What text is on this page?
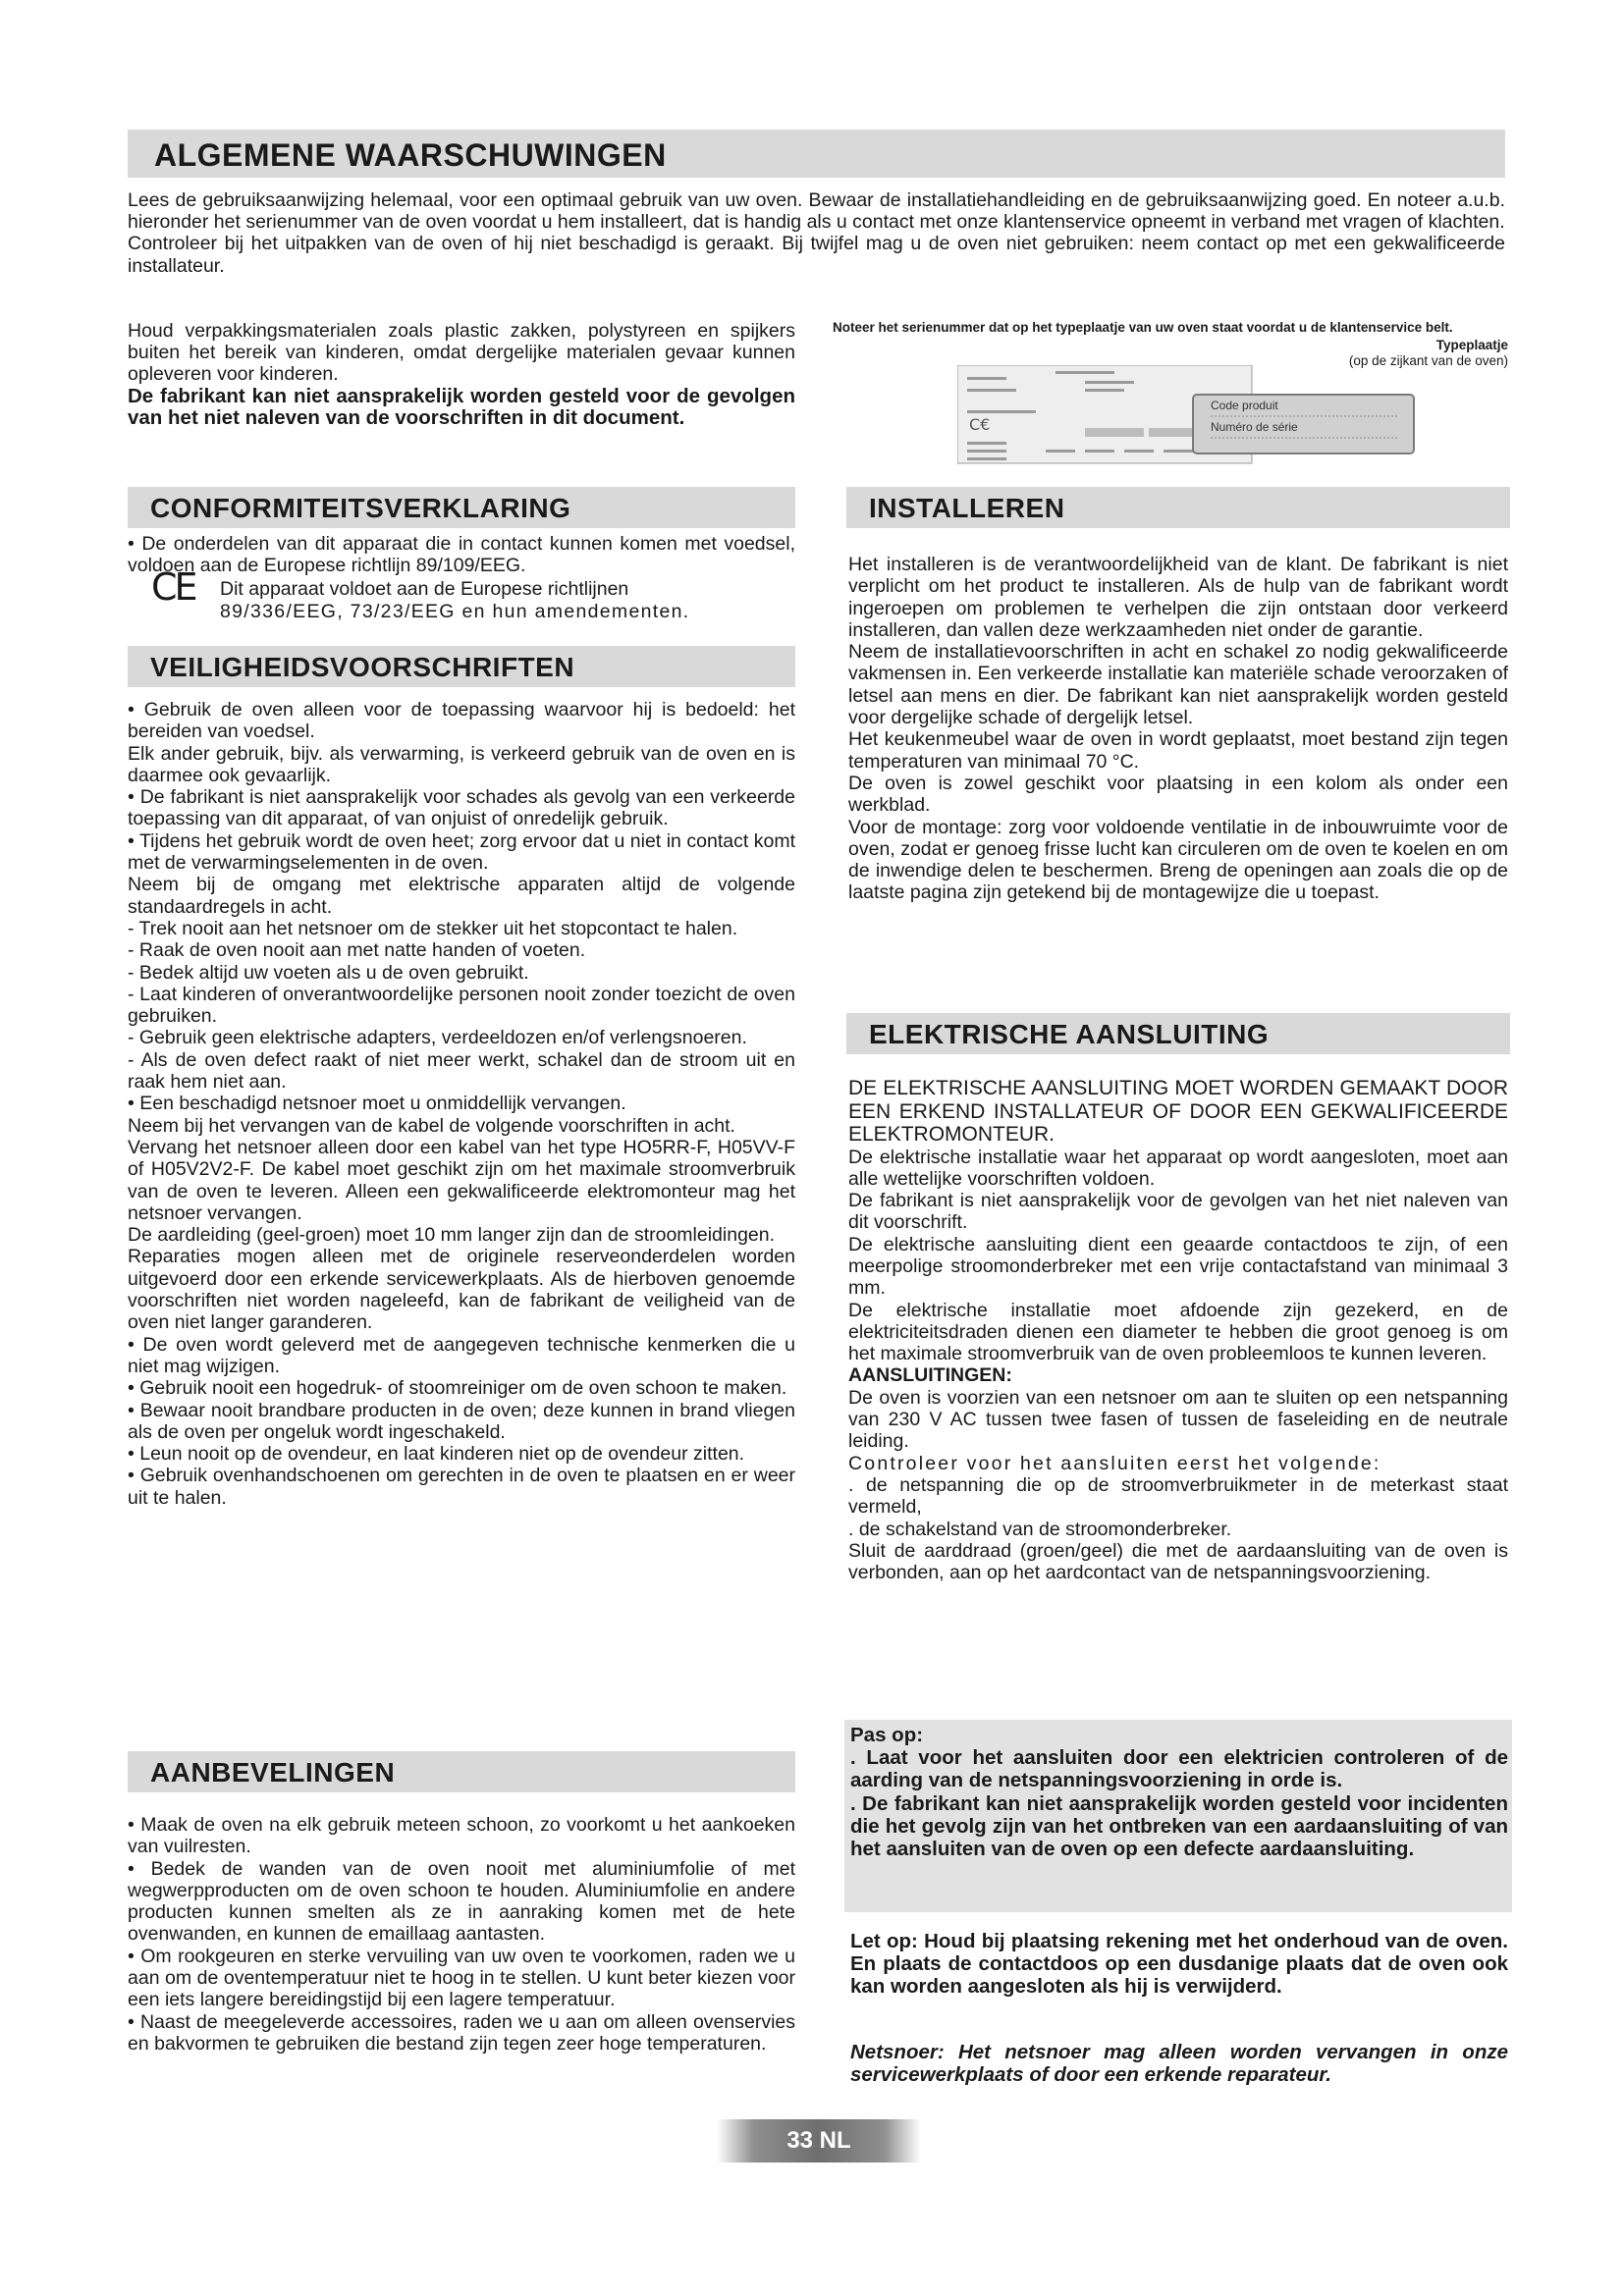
ALGEMENE WAARSCHUWINGEN

Lees de gebruiksaanwijzing helemaal, voor een optimaal gebruik van uw oven. Bewaar de installatiehandleiding en de gebruiksaanwijzing goed. En noteer a.u.b. hieronder het serienummer van de oven voordat u hem installeert, dat is handig als u contact met onze klantenservice opneemt in verband met vragen of klachten.

Controleer bij het uitpakken van de oven of hij niet beschadigd is geraakt. Bij twijfel mag u de oven niet gebruiken: neem contact op met een gekwalificeerde installateur.

Houd verpakkingsmaterialen zoals plastic zakken, polystyreen en spijkers buiten het bereik van kinderen, omdat dergelijke materialen gevaar kunnen opleveren voor kinderen.

De fabrikant kan niet aansprakelijk worden gesteld voor de gevolgen van het niet naleven van de voorschriften in dit document.

Noteer het serienummer dat op het typeplaatje van uw oven staat voordat u de klantenservice belt.
Typeplaatje
(op de zijkant van de oven)
C€
Code produit
Numéro de série
CONFORMITEITSVERKLARING

• De onderdelen van dit apparaat die in contact kunnen komen met voedsel, voldoen aan de Europese richtlijn 89/109/EEG.

CE	Dit apparaat voldoet aan de Europese richtlijnen

89/336/EEG, 73/23/EEG en hun amendementen.

VEILIGHEIDSVOORSCHRIFTEN

• Gebruik de oven alleen voor de toepassing waarvoor hij is bedoeld: het bereiden van voedsel.

Elk ander gebruik, bijv. als verwarming, is verkeerd gebruik van de oven en is daarmee ook gevaarlijk.

• De fabrikant is niet aansprakelijk voor schades als gevolg van een verkeerde toepassing van dit apparaat, of van onjuist of onredelijk gebruik.

• Tijdens het gebruik wordt de oven heet; zorg ervoor dat u niet in contact komt met de verwarmingselementen in de oven.

Neem bij de omgang met elektrische apparaten altijd de volgende standaardregels in acht.

- Trek nooit aan het netsnoer om de stekker uit het stopcontact te halen.

- Raak de oven nooit aan met natte handen of voeten.

- Bedek altijd uw voeten als u de oven gebruikt.

- Laat kinderen of onverantwoordelijke personen nooit zonder toezicht de oven gebruiken.

- Gebruik geen elektrische adapters, verdeeldozen en/of verlengsnoeren.

- Als de oven defect raakt of niet meer werkt, schakel dan de stroom uit en raak hem niet aan.

• Een beschadigd netsnoer moet u onmiddellijk vervangen.

Neem bij het vervangen van de kabel de volgende voorschriften in acht.

Vervang het netsnoer alleen door een kabel van het type HO5RR-F, H05VV-F of H05V2V2-F. De kabel moet geschikt zijn om het maximale stroomverbruik van de oven te leveren. Alleen een gekwalificeerde elektromonteur mag het netsnoer vervangen.

De aardleiding (geel-groen) moet 10 mm langer zijn dan de stroomleidingen.

Reparaties mogen alleen met de originele reserveonderdelen worden uitgevoerd door een erkende servicewerkplaats. Als de hierboven genoemde voorschriften niet worden nageleefd, kan de fabrikant de veiligheid van de oven niet langer garanderen.

• De oven wordt geleverd met de aangegeven technische kenmerken die u niet mag wijzigen.

• Gebruik nooit een hogedruk- of stoomreiniger om de oven schoon te maken.

• Bewaar nooit brandbare producten in de oven; deze kunnen in brand vliegen als de oven per ongeluk wordt ingeschakeld.

• Leun nooit op de ovendeur, en laat kinderen niet op de ovendeur zitten.

• Gebruik ovenhandschoenen om gerechten in de oven te plaatsen en er weer uit te halen.

AANBEVELINGEN

• Maak de oven na elk gebruik meteen schoon, zo voorkomt u het aankoeken van vuilresten.

• Bedek de wanden van de oven nooit met aluminiumfolie of met wegwerpproducten om de oven schoon te houden. Aluminiumfolie en andere producten kunnen smelten als ze in aanraking komen met de hete ovenwanden, en kunnen de emaillaag aantasten.

• Om rookgeuren en sterke vervuiling van uw oven te voorkomen, raden we u aan om de oventemperatuur niet te hoog in te stellen. U kunt beter kiezen voor een iets langere bereidingstijd bij een lagere temperatuur.

• Naast de meegeleverde accessoires, raden we u aan om alleen ovenservies en bakvormen te gebruiken die bestand zijn tegen zeer hoge temperaturen.

INSTALLEREN

Het installeren is de verantwoordelijkheid van de klant. De fabrikant is niet verplicht om het product te installeren. Als de hulp van de fabrikant wordt ingeroepen om problemen te verhelpen die zijn ontstaan door verkeerd installeren, dan vallen deze werkzaamheden niet onder de garantie.

Neem de installatievoorschriften in acht en schakel zo nodig gekwalificeerde vakmensen in. Een verkeerde installatie kan materiële schade veroorzaken of letsel aan mens en dier. De fabrikant kan niet aansprakelijk worden gesteld voor dergelijke schade of dergelijk letsel.

Het keukenmeubel waar de oven in wordt geplaatst, moet bestand zijn tegen temperaturen van minimaal 70 °C.

De oven is zowel geschikt voor plaatsing in een kolom als onder een werkblad.

Voor de montage: zorg voor voldoende ventilatie in de inbouwruimte voor de oven, zodat er genoeg frisse lucht kan circuleren om de oven te koelen en om de inwendige delen te beschermen. Breng de openingen aan zoals die op de laatste pagina zijn getekend bij de montagewijze die u toepast.

ELEKTRISCHE AANSLUITING

DE ELEKTRISCHE AANSLUITING MOET WORDEN GEMAAKT DOOR EEN ERKEND INSTALLATEUR OF DOOR EEN GEKWALIFICEERDE ELEKTROMONTEUR.

De elektrische installatie waar het apparaat op wordt aangesloten, moet aan alle wettelijke voorschriften voldoen.

De fabrikant is niet aansprakelijk voor de gevolgen van het niet naleven van dit voorschrift.

De elektrische aansluiting dient een geaarde contactdoos te zijn, of een meerpolige stroomonderbreker met een vrije contactafstand van minimaal 3 mm.

De elektrische installatie moet afdoende zijn gezekerd, en de elektriciteitsdraden dienen een diameter te hebben die groot genoeg is om het maximale stroomverbruik van de oven probleemloos te kunnen leveren.

AANSLUITINGEN:

De oven is voorzien van een netsnoer om aan te sluiten op een netspanning van 230 V AC tussen twee fasen of tussen de faseleiding en de neutrale leiding.

Controleer voor het aansluiten eerst het volgende:

. de netspanning die op de stroomverbruikmeter in de meterkast staat vermeld,

. de schakelstand van de stroomonderbreker.

Sluit de aarddraad (groen/geel) die met de aardaansluiting van de oven is verbonden, aan op het aardcontact van de netspanningsvoorziening.

Pas op:

. Laat voor het aansluiten door een elektricien controleren of de aarding van de netspanningsvoorziening in orde is.

. De fabrikant kan niet aansprakelijk worden gesteld voor incidenten die het gevolg zijn van het ontbreken van een aardaansluiting of van het aansluiten van de oven op een defecte aardaansluiting.

Let op: Houd bij plaatsing rekening met het onderhoud van de oven. En plaats de contactdoos op een dusdanige plaats dat de oven ook kan worden aangesloten als hij is verwijderd.
Netsnoer: Het netsnoer mag alleen worden vervangen in onze servicewerkplaats of door een erkende reparateur.
33 NL
